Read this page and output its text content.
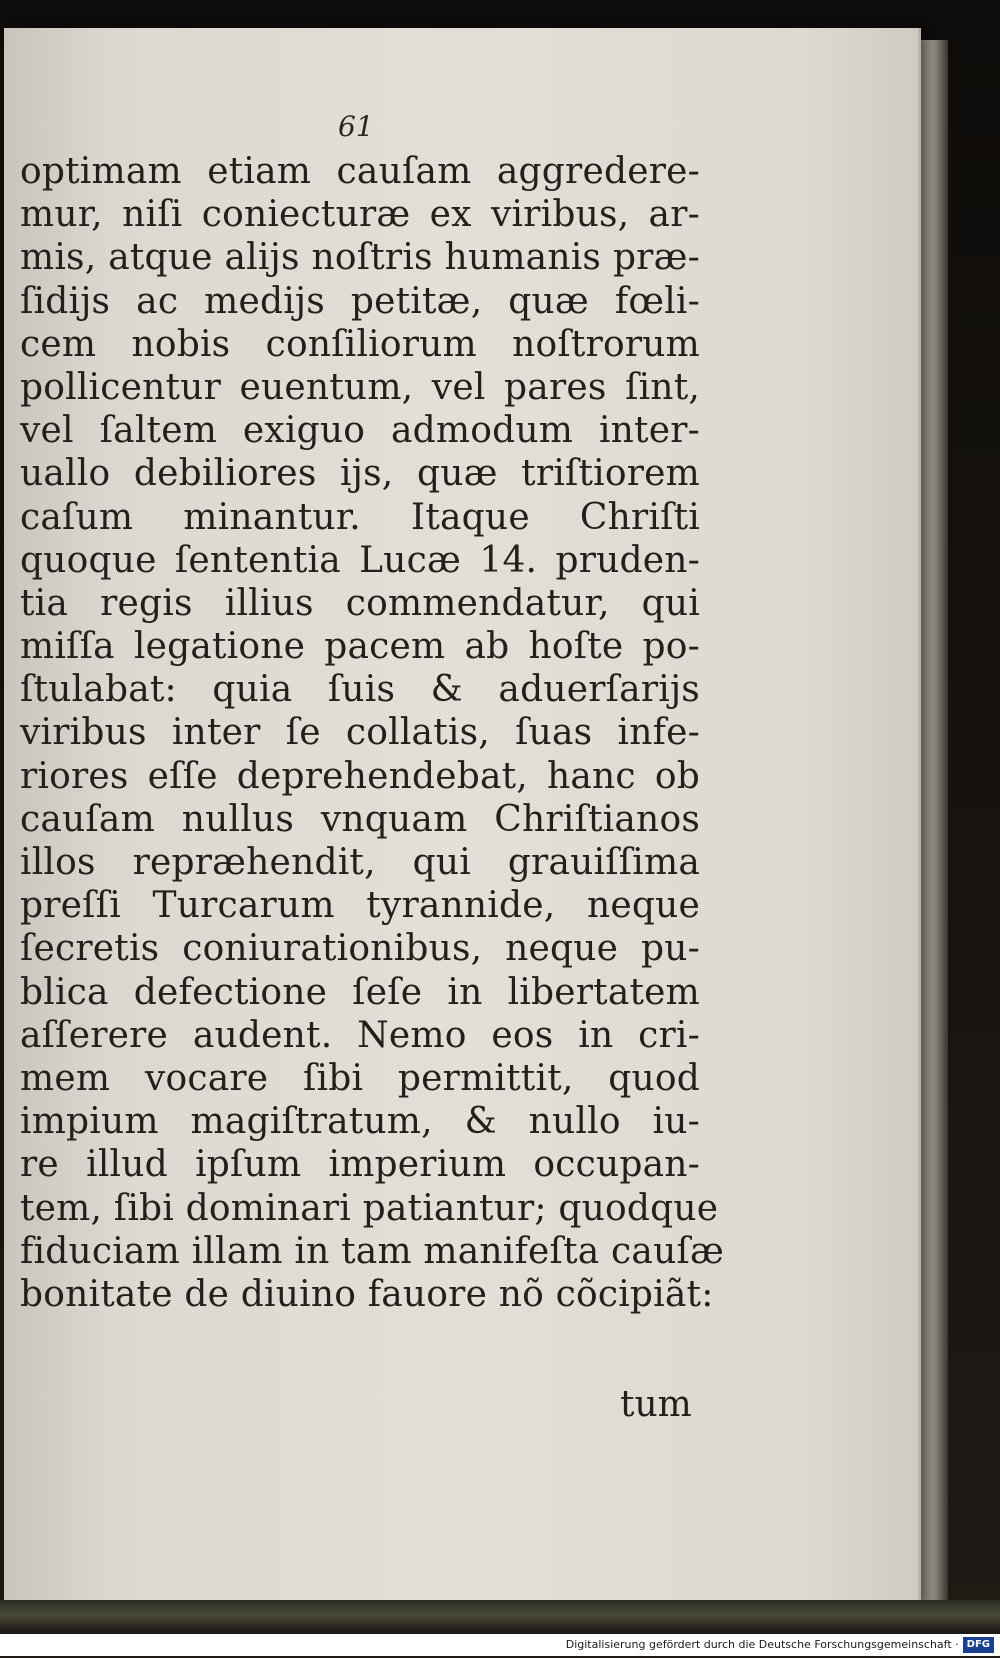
61
optimam etiam cauſam aggredere-
mur, niſi coniecturæ ex viribus, ar-
mis, atque alijs noſtris humanis præ-
ſidijs ac medijs petitæ, quæ fœli-
cem nobis conſiliorum noſtrorum
pollicentur euentum, vel pares ſint,
vel ſaltem exiguo admodum inter-
uallo debiliores ijs, quæ triſtiorem
caſum minantur. Itaque Chriſti
quoque ſententia Lucæ 14. pruden-
tia regis illius commendatur, qui
miſſa legatione pacem ab hoſte po-
ſtulabat: quia ſuis & aduerſarijs
viribus inter ſe collatis, ſuas infe-
riores eſſe deprehendebat, hanc ob
cauſam nullus vnquam Chriſtianos
illos repræhendit, qui grauiſſima
preſſi Turcarum tyrannide, neque
ſecretis coniurationibus, neque pu-
blica defectione ſeſe in libertatem
aſſerere audent. Nemo eos in cri-
mem vocare ſibi permittit, quod
impium magiſtratum, & nullo iu-
re illud ipſum imperium occupan-
tem, ſibi dominari patiantur; quodque
fiduciam illam in tam manifeſta cauſæ
bonitate de diuino fauore nõ cõcipiãt:
tum
Digitalisierung gefördert durch die Deutsche Forschungsgemeinschaft · DFG
